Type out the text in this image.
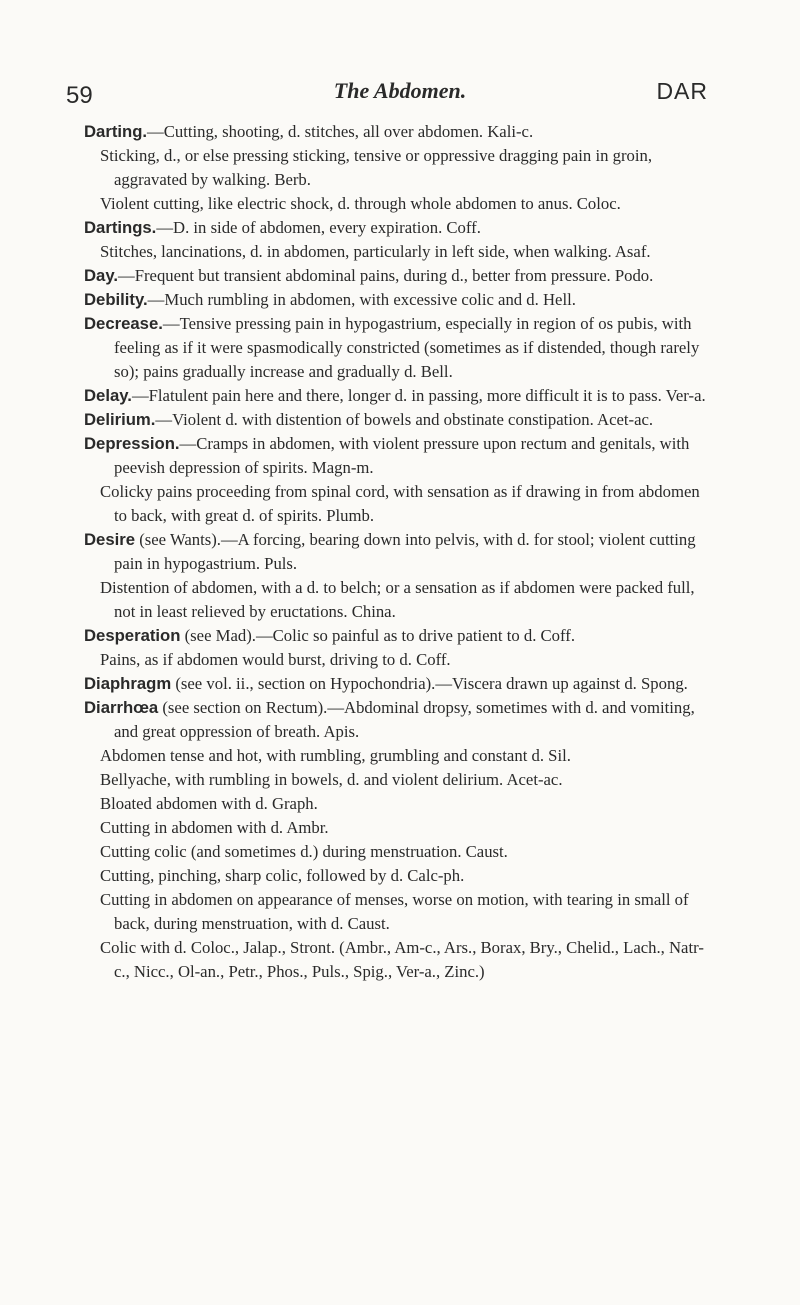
59	The Abdomen.	DAR

Darting.—Cutting, shooting, d. stitches, all over abdomen. Kali-c.

Sticking, d., or else pressing sticking, tensive or oppressive dragging pain in groin, aggravated by walking. Berb.

Violent cutting, like electric shock, d. through whole abdomen to anus. Coloc.

Dartings.—D. in side of abdomen, every expiration. Coff.

Stitches, lancinations, d. in abdomen, particularly in left side, when walking. Asaf.

Day.—Frequent but transient abdominal pains, during d., better from pressure. Podo.

Debility.—Much rumbling in abdomen, with excessive colic and d. Hell.

Decrease.—Tensive pressing pain in hypogastrium, especially in region of os pubis, with feeling as if it were spasmodically constricted (sometimes as if distended, though rarely so); pains gradually increase and gradually d. Bell.

Delay.—Flatulent pain here and there, longer d. in passing, more difficult it is to pass. Ver-a.

Delirium.—Violent d. with distention of bowels and obstinate constipation. Acet-ac.

Depression.—Cramps in abdomen, with violent pressure upon rectum and genitals, with peevish depression of spirits. Magn-m.

Colicky pains proceeding from spinal cord, with sensation as if drawing in from abdomen to back, with great d. of spirits. Plumb.

Desire (see Wants).—A forcing, bearing down into pelvis, with d. for stool; violent cutting pain in hypogastrium. Puls.

Distention of abdomen, with a d. to belch; or a sensation as if abdomen were packed full, not in least relieved by eructations. China.

Desperation (see Mad).—Colic so painful as to drive patient to d. Coff.

Pains, as if abdomen would burst, driving to d. Coff.

Diaphragm (see vol. ii., section on Hypochondria).—Viscera drawn up against d. Spong.

Diarrhœa (see section on Rectum).—Abdominal dropsy, sometimes with d. and vomiting, and great oppression of breath. Apis.

Abdomen tense and hot, with rumbling, grumbling and constant d. Sil.

Bellyache, with rumbling in bowels, d. and violent delirium. Acet-ac.

Bloated abdomen with d. Graph.

Cutting in abdomen with d. Ambr.

Cutting colic (and sometimes d.) during menstruation. Caust.

Cutting, pinching, sharp colic, followed by d. Calc-ph.

Cutting in abdomen on appearance of menses, worse on motion, with tearing in small of back, during menstruation, with d. Caust.

Colic with d. Coloc., Jalap., Stront. (Ambr., Am-c., Ars., Borax, Bry., Chelid., Lach., Natr-c., Nicc., Ol-an., Petr., Phos., Puls., Spig., Ver-a., Zinc.)
